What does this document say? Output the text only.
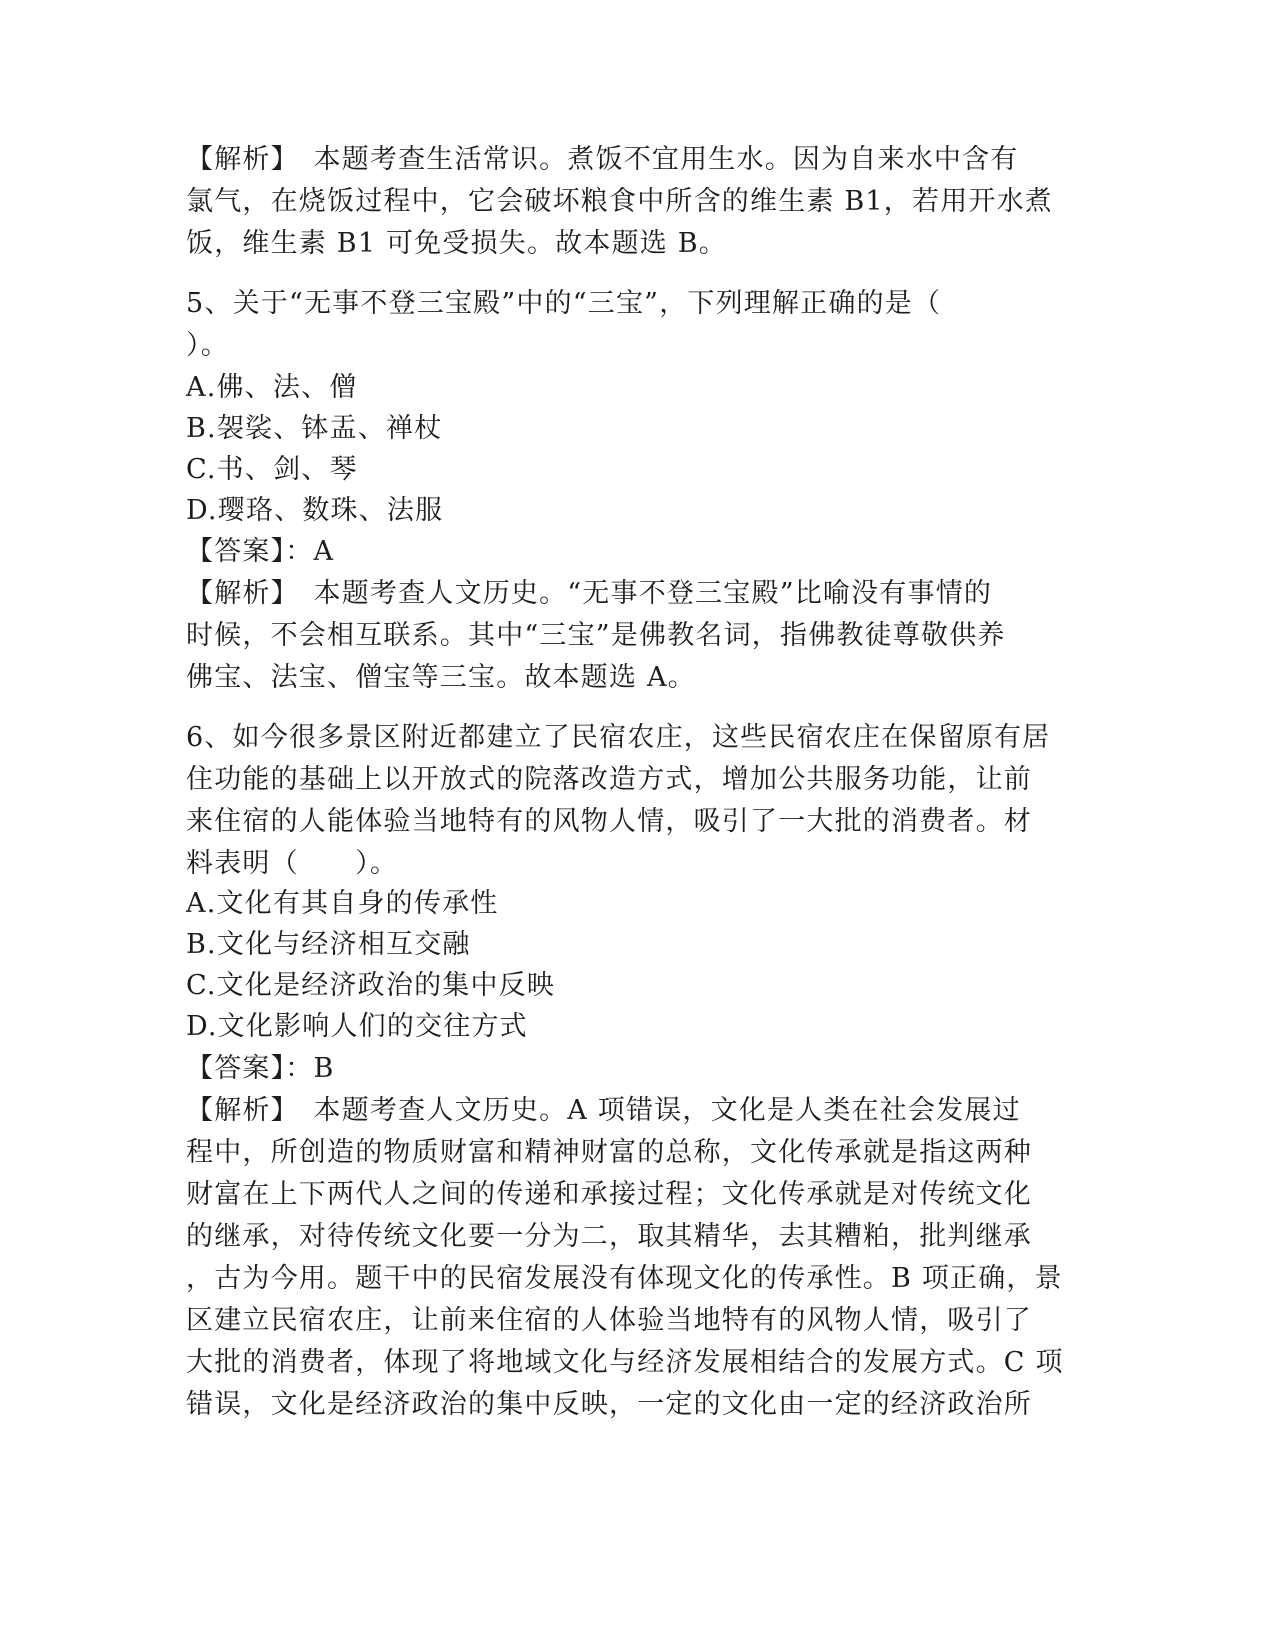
【解析】　本题考查生活常识。煮饭不宜用生水。因为自来水中含有
氯气，在烧饭过程中，它会破坏粮食中所含的维生素 B1，若用开水煮
饭，维生素 B1 可免受损失。故本题选 B。
5、关于“无事不登三宝殿”中的“三宝”，下列理解正确的是（
）。
A.佛、法、僧
B.袈裟、钵盂、禅杖
C.书、剑、琴
D.璎珞、数珠、法服
【答案】：A
【解析】　本题考查人文历史。“无事不登三宝殿”比喻没有事情的
时候，不会相互联系。其中“三宝”是佛教名词，指佛教徒尊敬供养
佛宝、法宝、僧宝等三宝。故本题选 A。
6、如今很多景区附近都建立了民宿农庄，这些民宿农庄在保留原有居
住功能的基础上以开放式的院落改造方式，增加公共服务功能，让前
来住宿的人能体验当地特有的风物人情，吸引了一大批的消费者。材
料表明（　　）。
A.文化有其自身的传承性
B.文化与经济相互交融
C.文化是经济政治的集中反映
D.文化影响人们的交往方式
【答案】：B
【解析】　本题考查人文历史。A 项错误，文化是人类在社会发展过
程中，所创造的物质财富和精神财富的总称，文化传承就是指这两种
财富在上下两代人之间的传递和承接过程；文化传承就是对传统文化
的继承，对待传统文化要一分为二，取其精华，去其糟粕，批判继承
，古为今用。题干中的民宿发展没有体现文化的传承性。B 项正确，景
区建立民宿农庄，让前来住宿的人体验当地特有的风物人情，吸引了
大批的消费者，体现了将地域文化与经济发展相结合的发展方式。C 项
错误，文化是经济政治的集中反映，一定的文化由一定的经济政治所
